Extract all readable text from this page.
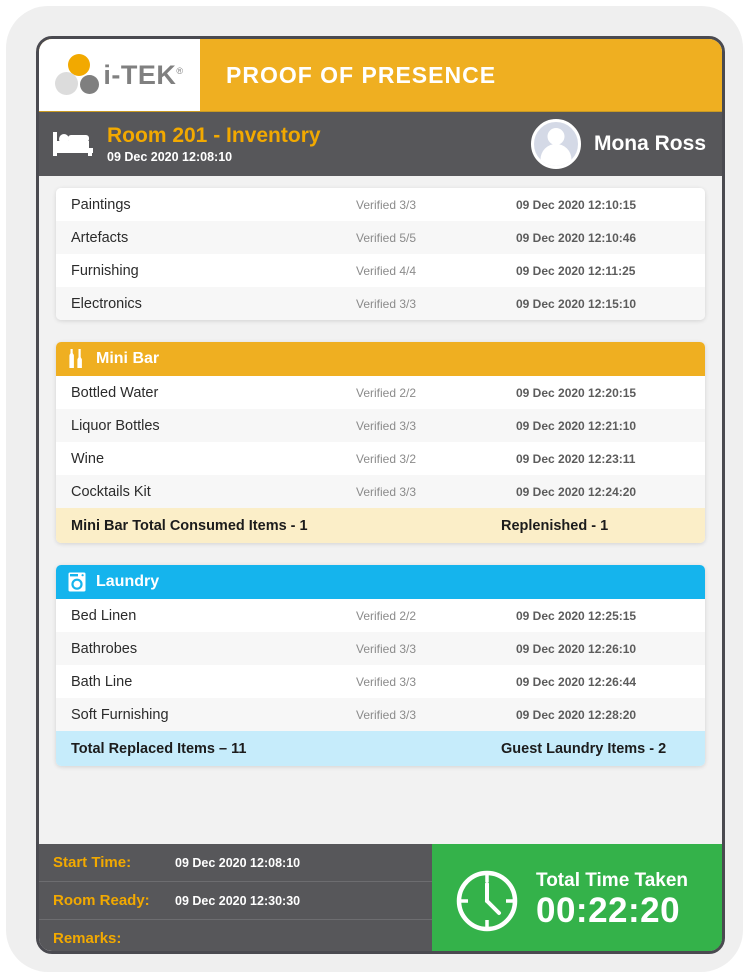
i-TEK®	PROOF OF PRESENCE
Room 201 - Inventory
09 Dec 2020 12:08:10
Mona Ross
Paintings	Verified 3/3	09 Dec 2020 12:10:15
Artefacts	Verified 5/5	09 Dec 2020 12:10:46
Furnishing	Verified 4/4	09 Dec 2020 12:11:25
Electronics	Verified 3/3	09 Dec 2020 12:15:10
Mini Bar
Bottled Water	Verified 2/2	09 Dec 2020 12:20:15
Liquor Bottles	Verified 3/3	09 Dec 2020 12:21:10
Wine	Verified 3/2	09 Dec 2020 12:23:11
Cocktails Kit	Verified 3/3	09 Dec 2020 12:24:20
Mini Bar Total Consumed Items - 1	Replenished - 1
Laundry
Bed Linen	Verified 2/2	09 Dec 2020 12:25:15
Bathrobes	Verified 3/3	09 Dec 2020 12:26:10
Bath Line	Verified 3/3	09 Dec 2020 12:26:44
Soft Furnishing	Verified 3/3	09 Dec 2020 12:28:20
Total Replaced Items – 11	Guest Laundry Items - 2
Start Time:	09 Dec 2020 12:08:10
Room Ready:	09 Dec 2020 12:30:30
Remarks:
Total Time Taken
00:22:20
